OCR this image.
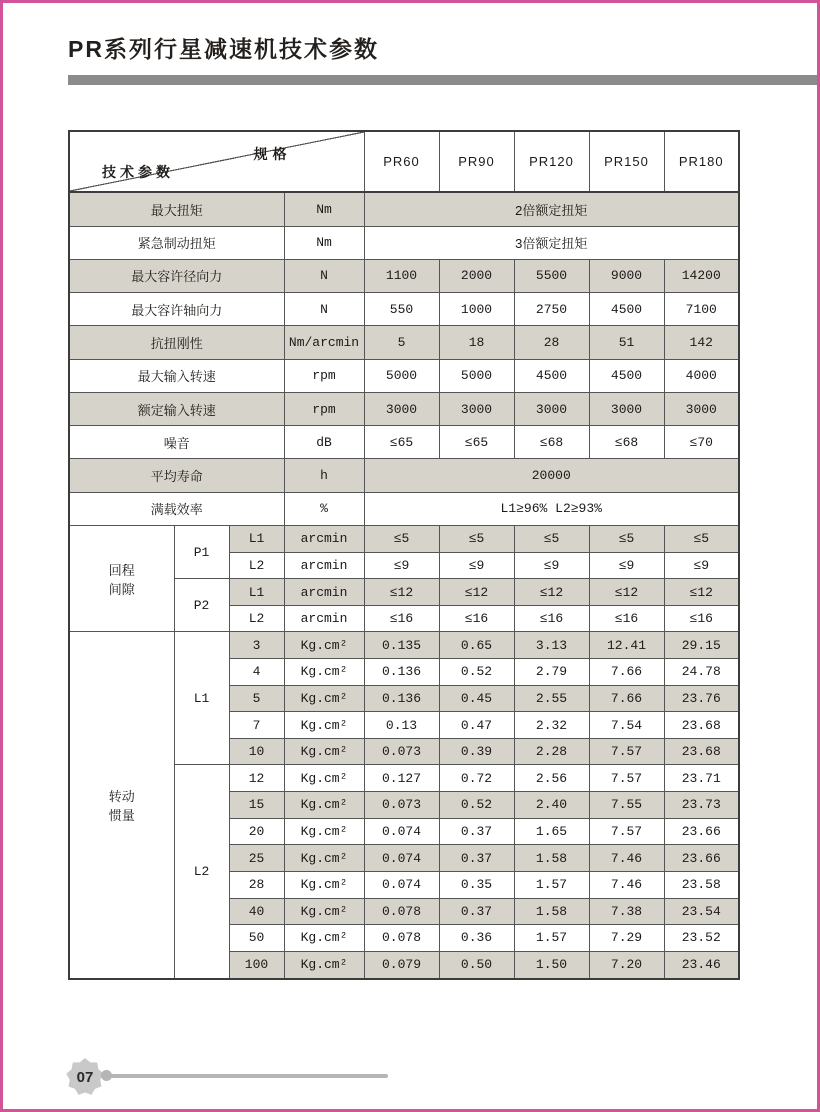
PR系列行星减速机技术参数
规格
技术参数				PR60	PR90	PR120	PR150	PR180
最大扭矩			Nm	2倍额定扭矩				
紧急制动扭矩			Nm	3倍额定扭矩				
最大容许径向力			N	1100	2000	5500	9000	14200
最大容许轴向力			N	550	1000	2750	4500	7100
抗扭刚性			Nm/arcmin	5	18	28	51	142
最大输入转速			rpm	5000	5000	4500	4500	4000
额定输入转速			rpm	3000	3000	3000	3000	3000
噪音			dB	≤65	≤65	≤68	≤68	≤70
平均寿命			h	20000				
满载效率			%	L1≥96% L2≥93%				

回程
间隙	P1	L1	arcmin	≤5	≤5	≤5	≤5	≤5
		L2	arcmin	≤9	≤9	≤9	≤9	≤9
	P2	L1	arcmin	≤12	≤12	≤12	≤12	≤12
		L2	arcmin	≤16	≤16	≤16	≤16	≤16

转动
惯量	L1	3	Kg.cm²	0.135	0.65	3.13	12.41	29.15
		4	Kg.cm²	0.136	0.52	2.79	7.66	24.78
		5	Kg.cm²	0.136	0.45	2.55	7.66	23.76
		7	Kg.cm²	0.13	0.47	2.32	7.54	23.68
		10	Kg.cm²	0.073	0.39	2.28	7.57	23.68
	L2	12	Kg.cm²	0.127	0.72	2.56	7.57	23.71
		15	Kg.cm²	0.073	0.52	2.40	7.55	23.73
		20	Kg.cm²	0.074	0.37	1.65	7.57	23.66
		25	Kg.cm²	0.074	0.37	1.58	7.46	23.66
		28	Kg.cm²	0.074	0.35	1.57	7.46	23.58
		40	Kg.cm²	0.078	0.37	1.58	7.38	23.54
		50	Kg.cm²	0.078	0.36	1.57	7.29	23.52
		100	Kg.cm²	0.079	0.50	1.50	7.20	23.46
07
